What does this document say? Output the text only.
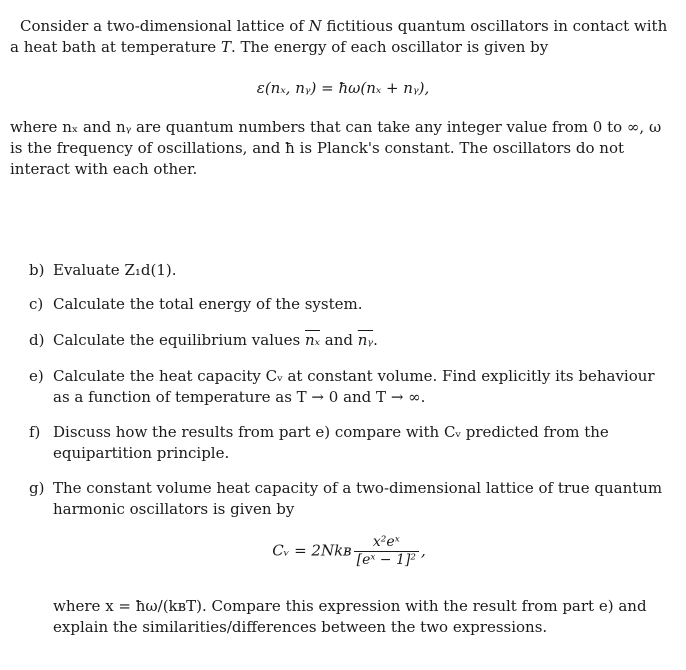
Consider a two-dimensional lattice of N fictitious quantum oscillators in contact with a heat bath at temperature T. The energy of each oscillator is given by
ε(nₓ, nᵧ) = ħω(nₓ + nᵧ),
where nₓ and nᵧ are quantum numbers that can take any integer value from 0 to ∞, ω is the frequency of oscillations, and ħ is Planck's constant. The oscillators do not interact with each other.
b) Evaluate Z₁d(1).
c) Calculate the total energy of the system.
d) Calculate the equilibrium values $\overline{n_x}$ and $\overline{nᵧ}$.
e) Calculate the heat capacity Cᵥ at constant volume. Find explicitly its behaviour as a function of temperature as T → 0 and T → ∞.
f) Discuss how the results from part e) compare with Cᵥ predicted from the equipartition principle.
g) The constant volume heat capacity of a two-dimensional lattice of true quantum harmonic oscillators is given by
Cᵥ = 2Nkʙ $\frac{\text{x²eˣ}}{\text{[eˣ − 1]²}}$ ,
where x = ħω/(kʙT). Compare this expression with the result from part e) and explain the similarities/differences between the two expressions.
